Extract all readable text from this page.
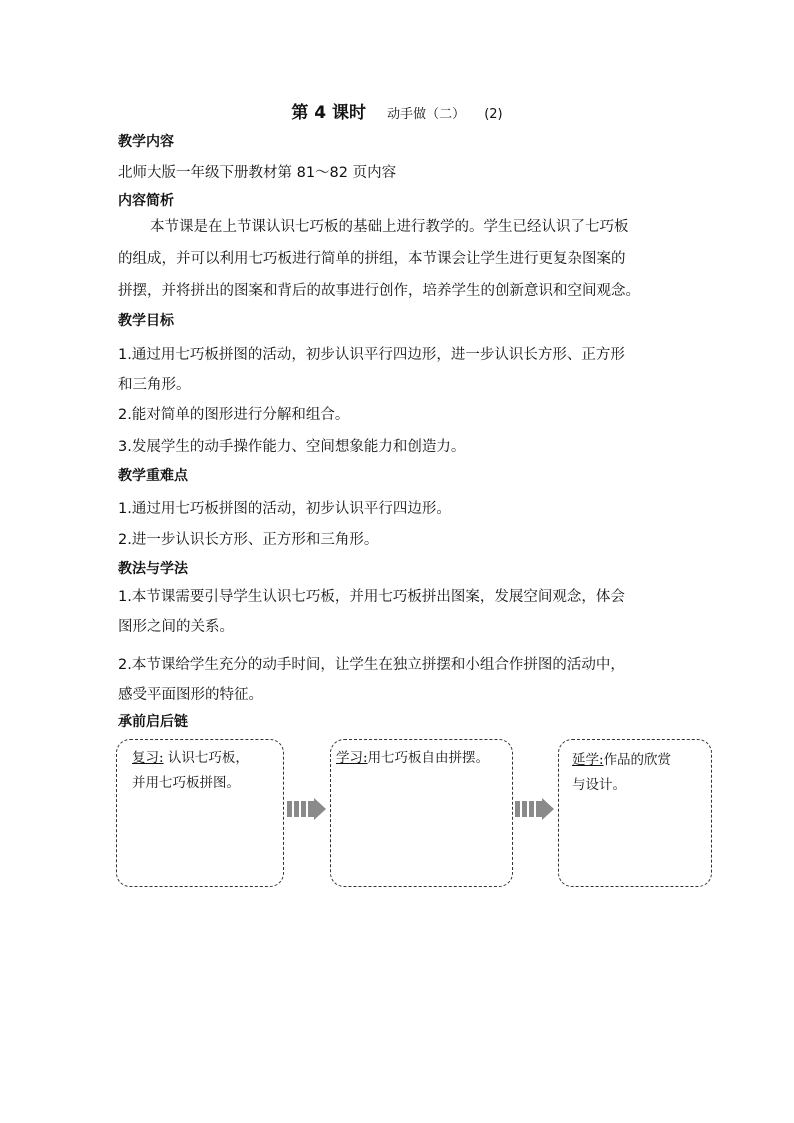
第 4 课时 动手做（二） (2)
教学内容
北师大版一年级下册教材第 81～82 页内容
内容简析
本节课是在上节课认识七巧板的基础上进行教学的。学生已经认识了七巧板
的组成，并可以利用七巧板进行简单的拼组，本节课会让学生进行更复杂图案的
拼摆，并将拼出的图案和背后的故事进行创作，培养学生的创新意识和空间观念。
教学目标
1.通过用七巧板拼图的活动，初步认识平行四边形，进一步认识长方形、正方形
和三角形。
2.能对简单的图形进行分解和组合。
3.发展学生的动手操作能力、空间想象能力和创造力。
教学重难点
1.通过用七巧板拼图的活动，初步认识平行四边形。
2.进一步认识长方形、正方形和三角形。
教法与学法
1.本节课需要引导学生认识七巧板，并用七巧板拼出图案，发展空间观念，体会
图形之间的关系。
2.本节课给学生充分的动手时间，让学生在独立拼摆和小组合作拼图的活动中，
感受平面图形的特征。
承前启后链
复习: 认识七巧板，
并用七巧板拼图。
学习:用七巧板自由拼摆。	延学:作品的欣赏
与设计。
